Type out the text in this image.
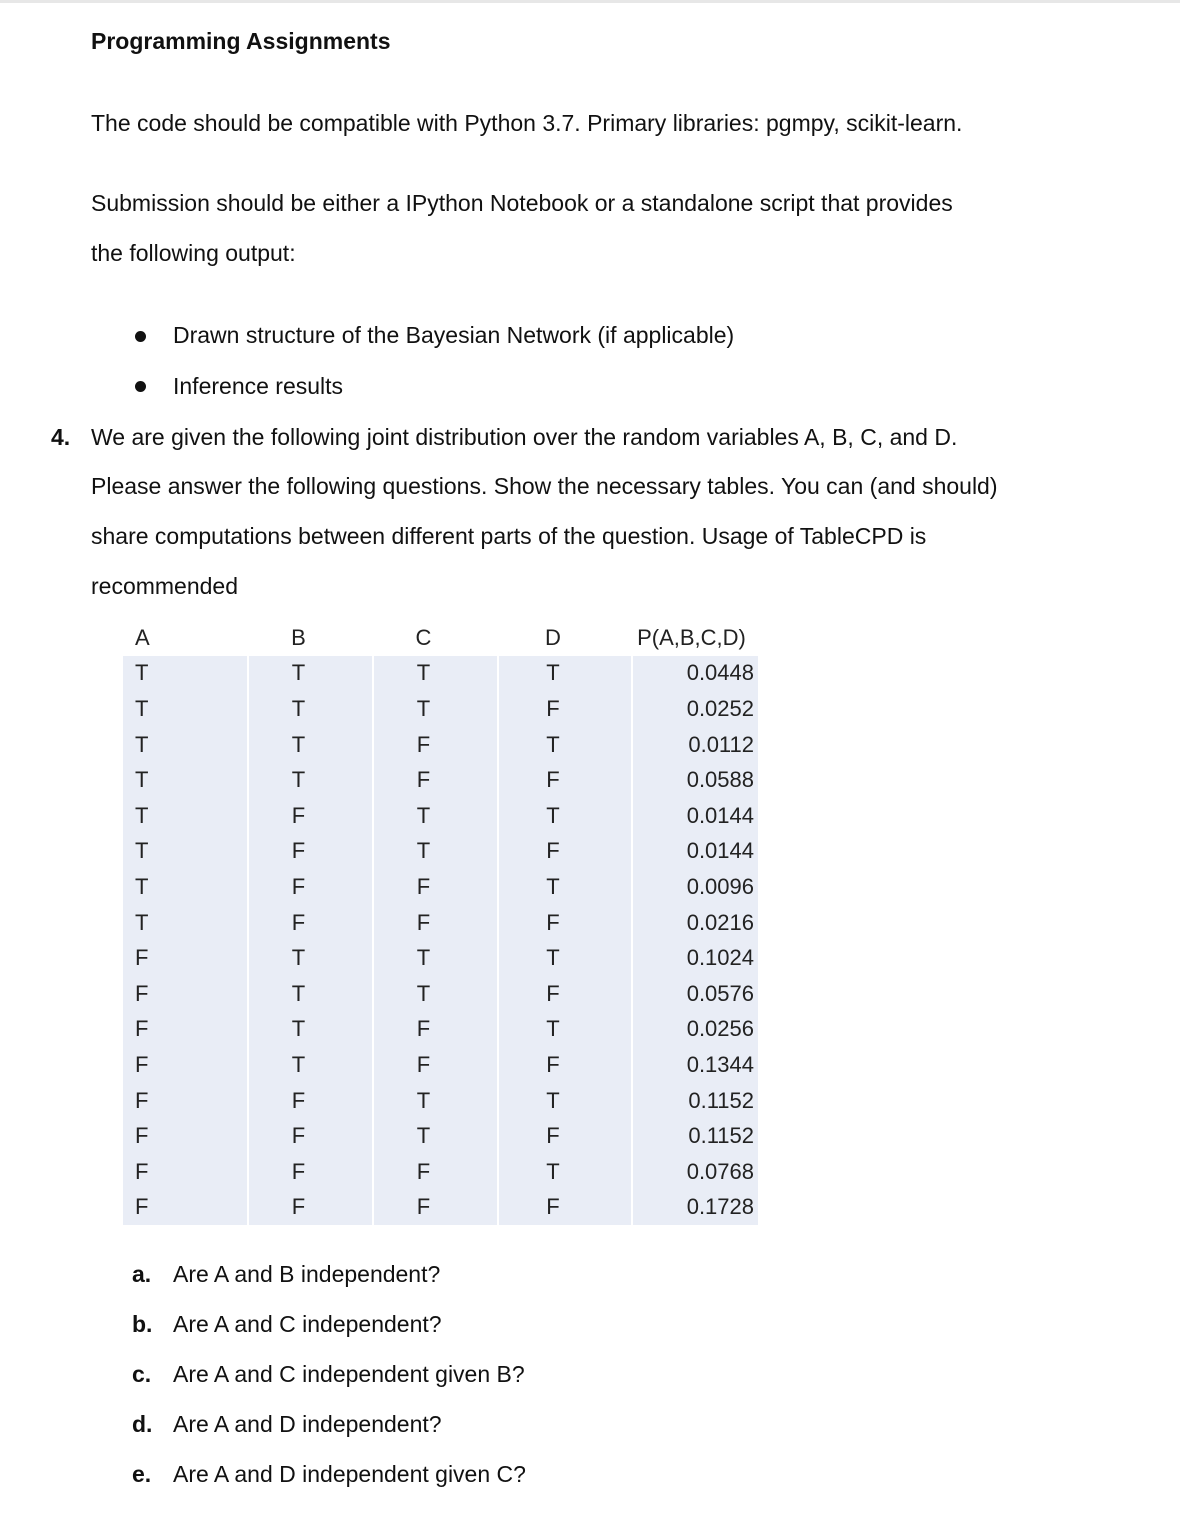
Programming Assignments
The code should be compatible with Python 3.7. Primary libraries: pgmpy, scikit-learn.
Submission should be either a IPython Notebook or a standalone script that provides
the following output:
Drawn structure of the Bayesian Network (if applicable)
Inference results
4. We are given the following joint distribution over the random variables A, B, C, and D.
Please answer the following questions. Show the necessary tables. You can (and should)
share computations between different parts of the question. Usage of TableCPD is
recommended
A	B	C	D	P(A,B,C,D)
T	T	T	T	0.0448
T	T	T	F	0.0252
T	T	F	T	0.0112
T	T	F	F	0.0588
T	F	T	T	0.0144
T	F	T	F	0.0144
T	F	F	T	0.0096
T	F	F	F	0.0216
F	T	T	T	0.1024
F	T	T	F	0.0576
F	T	F	T	0.0256
F	T	F	F	0.1344
F	F	T	T	0.1152
F	F	T	F	0.1152
F	F	F	T	0.0768
F	F	F	F	0.1728
a. Are A and B independent?
b. Are A and C independent?
c. Are A and C independent given B?
d. Are A and D independent?
e. Are A and D independent given C?
